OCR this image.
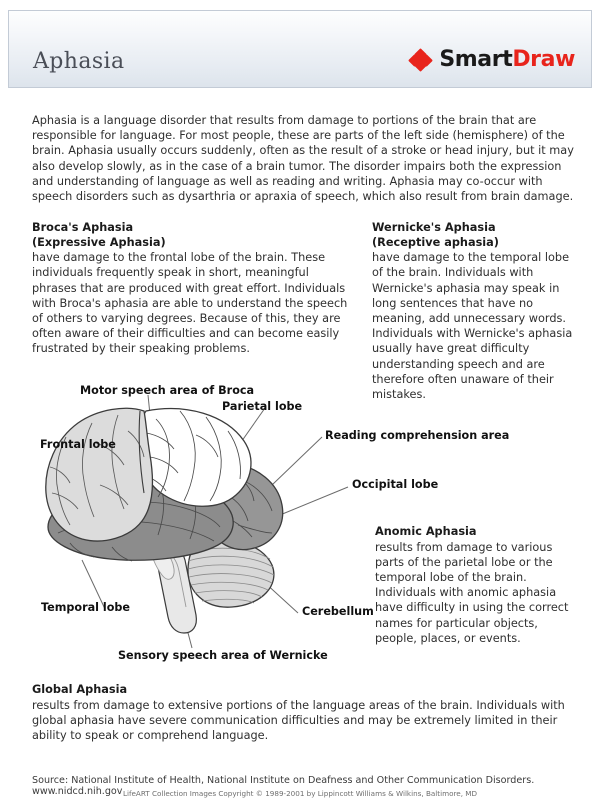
Aphasia	SmartDraw
Aphasia is a language disorder that results from damage to portions of the brain that are responsible for language. For most people, these are parts of the left side (hemisphere) of the brain. Aphasia usually occurs suddenly, often as the result of a stroke or head injury, but it may also develop slowly, as in the case of a brain tumor. The disorder impairs both the expression and understanding of language as well as reading and writing. Aphasia may co-occur with speech disorders such as dysarthria or apraxia of speech, which also result from brain damage.
Broca's Aphasia
(Expressive Aphasia)
have damage to the frontal lobe of the brain. These individuals frequently speak in short, meaningful phrases that are produced with great effort. Individuals with Broca's aphasia are able to understand the speech of others to varying degrees. Because of this, they are often aware of their difficulties and can become easily frustrated by their speaking problems.
Wernicke's Aphasia
(Receptive aphasia)
have damage to the temporal lobe of the brain. Individuals with Wernicke's aphasia may speak in long sentences that have no meaning, add unnecessary words. Individuals with Wernicke's aphasia usually have great difficulty understanding speech and are therefore often unaware of their mistakes.
Motor speech area of Broca
Parietal lobe
Frontal lobe
Reading comprehension area
Occipital lobe
Temporal lobe	Cerebellum
Sensory speech area of Wernicke
Anomic Aphasia
results from damage to various parts of the parietal lobe or the temporal lobe of the brain. Individuals with anomic aphasia have difficulty in using the correct names for particular objects, people, places, or events.
Global Aphasia
results from damage to extensive portions of the language areas of the brain. Individuals with global aphasia have severe communication difficulties and may be extremely limited in their ability to speak or comprehend language.
Source: National Institute of Health, National Institute on Deafness and Other Communication Disorders. www.nidcd.nih.gov LifeART Collection Images Copyright © 1989-2001 by Lippincott Williams & Wilkins, Baltimore, MD
